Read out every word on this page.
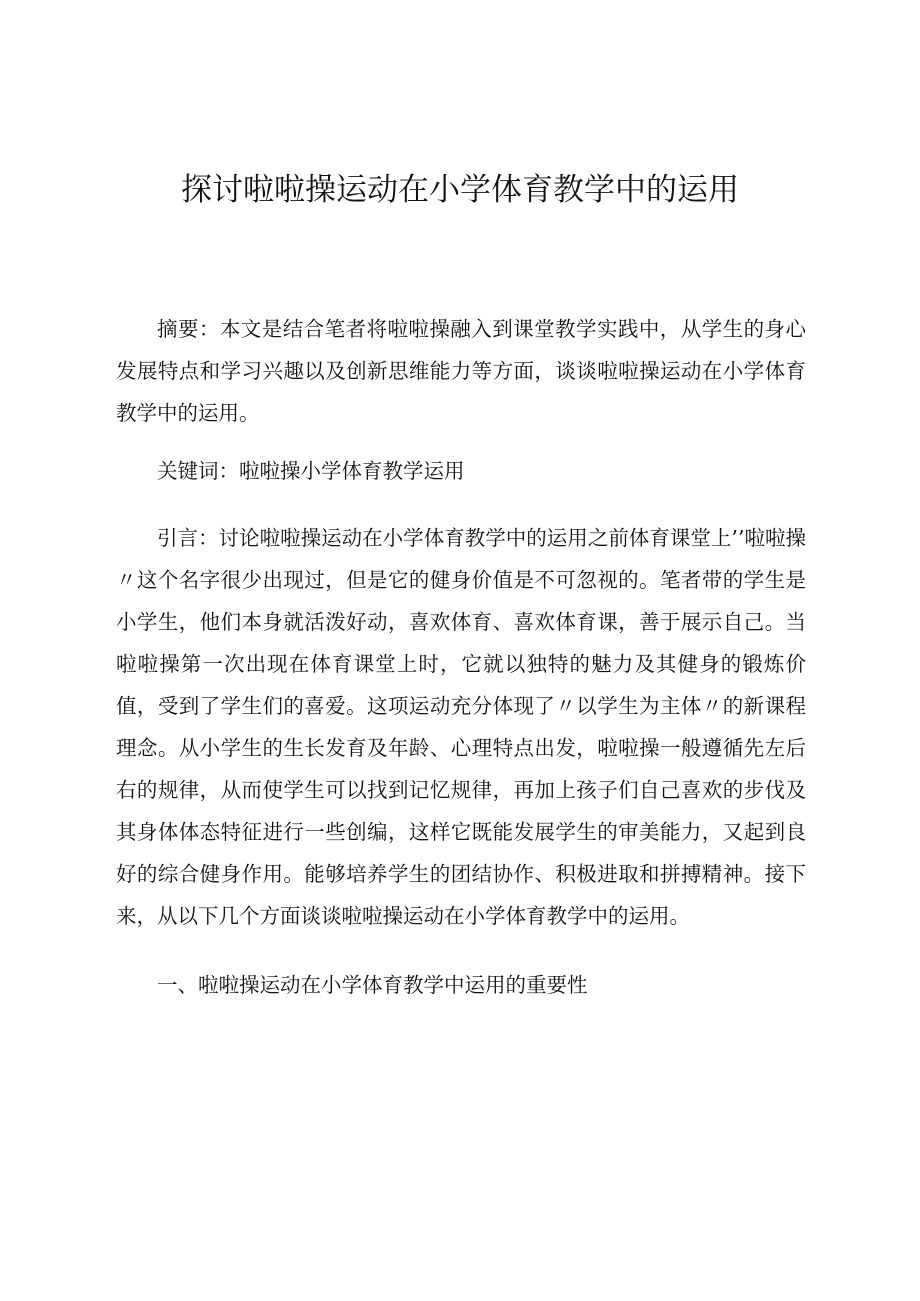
探讨啦啦操运动在小学体育教学中的运用

摘要：本文是结合笔者将啦啦操融入到课堂教学实践中，从学生的身心发展特点和学习兴趣以及创新思维能力等方面，谈谈啦啦操运动在小学体育教学中的运用。

关键词：啦啦操小学体育教学运用

引言：讨论啦啦操运动在小学体育教学中的运用之前体育课堂上’’啦啦操〃这个名字很少出现过，但是它的健身价值是不可忽视的。笔者带的学生是小学生，他们本身就活泼好动，喜欢体育、喜欢体育课，善于展示自己。当啦啦操第一次出现在体育课堂上时，它就以独特的魅力及其健身的锻炼价值，受到了学生们的喜爱。这项运动充分体现了〃以学生为主体〃的新课程理念。从小学生的生长发育及年龄、心理特点出发，啦啦操一般遵循先左后右的规律，从而使学生可以找到记忆规律，再加上孩子们自己喜欢的步伐及其身体体态特征进行一些创编，这样它既能发展学生的审美能力，又起到良好的综合健身作用。能够培养学生的团结协作、积极进取和拼搏精神。接下来，从以下几个方面谈谈啦啦操运动在小学体育教学中的运用。

一、啦啦操运动在小学体育教学中运用的重要性
